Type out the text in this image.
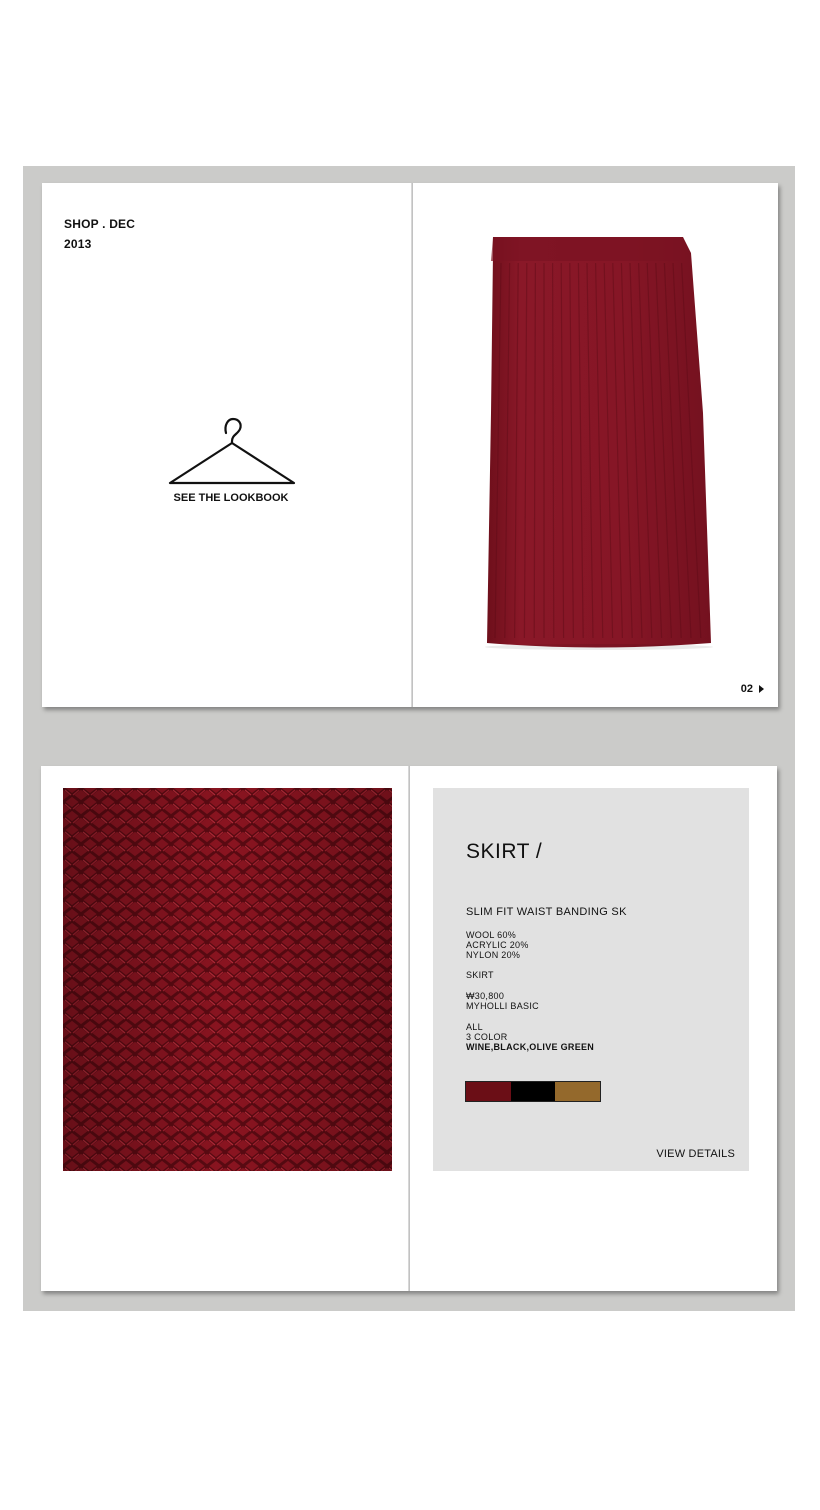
SHOP . DEC
2013
SEE THE LOOKBOOK
02
SKIRT /
SLIM FIT WAIST BANDING SK
WOOL 60%
ACRYLIC 20%
NYLON 20%
SKIRT
₩30,800
MYHOLLI BASIC
ALL
3 COLOR
WINE,BLACK,OLIVE GREEN
VIEW DETAILS
